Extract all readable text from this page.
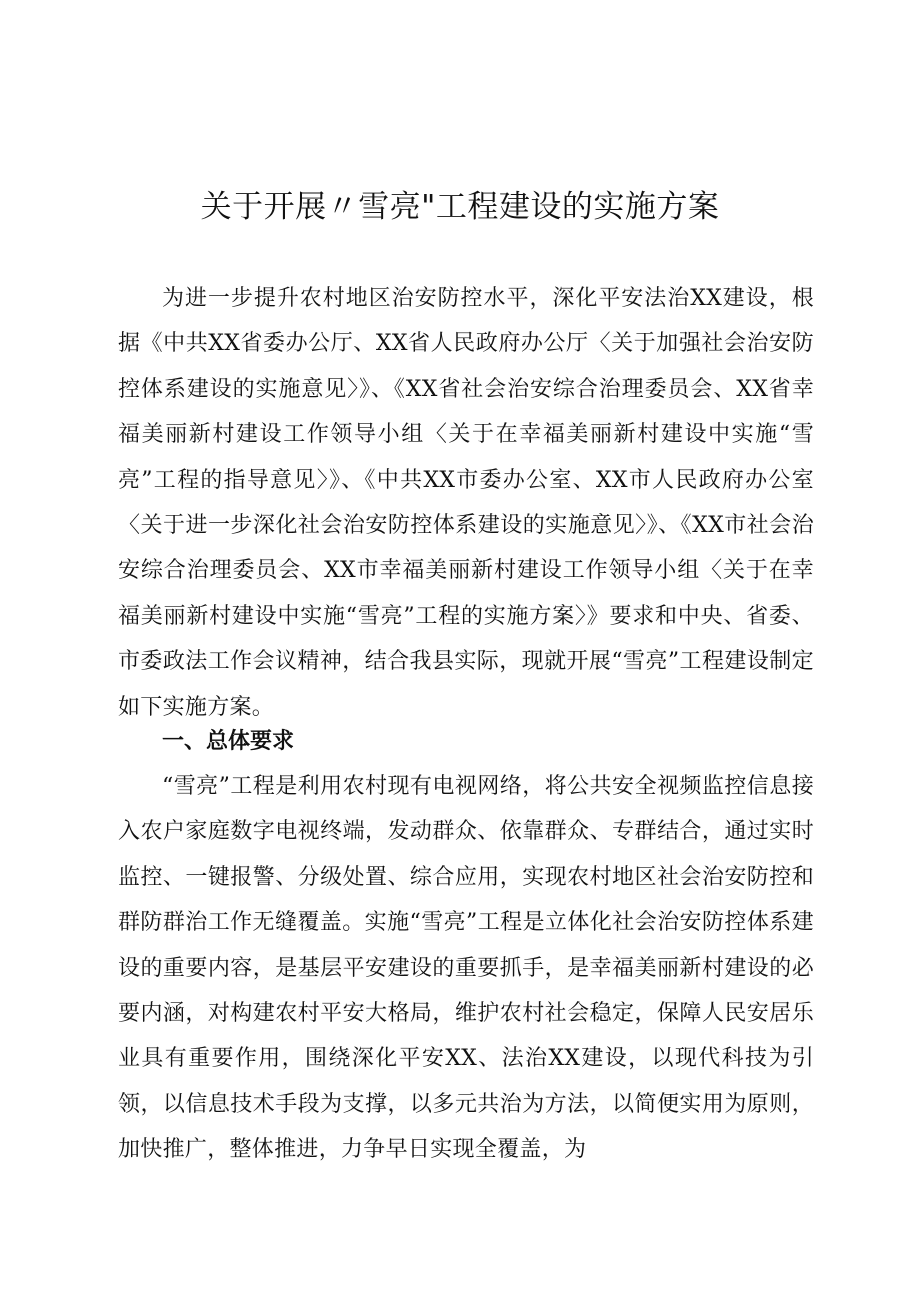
关于开展〃雪亮"工程建设的实施方案

为进一步提升农村地区治安防控水平，深化平安法治XX建设，根据《中共XX省委办公厅、XX省人民政府办公厅〈关于加强社会治安防控体系建设的实施意见〉》、《XX省社会治安综合治理委员会、XX省幸福美丽新村建设工作领导小组〈关于在幸福美丽新村建设中实施“雪亮”工程的指导意见〉》、《中共XX市委办公室、XX市人民政府办公室〈关于进一步深化社会治安防控体系建设的实施意见〉》、《XX市社会治安综合治理委员会、XX市幸福美丽新村建设工作领导小组〈关于在幸福美丽新村建设中实施“雪亮”工程的实施方案〉》要求和中央、省委、市委政法工作会议精神，结合我县实际，现就开展“雪亮”工程建设制定如下实施方案。

一、总体要求

“雪亮”工程是利用农村现有电视网络，将公共安全视频监控信息接入农户家庭数字电视终端，发动群众、依靠群众、专群结合，通过实时监控、一键报警、分级处置、综合应用，实现农村地区社会治安防控和群防群治工作无缝覆盖。实施“雪亮”工程是立体化社会治安防控体系建设的重要内容，是基层平安建设的重要抓手，是幸福美丽新村建设的必要内涵，对构建农村平安大格局，维护农村社会稳定，保障人民安居乐业具有重要作用，围绕深化平安XX、法治XX建设，以现代科技为引领，以信息技术手段为支撑，以多元共治为方法，以简便实用为原则，加快推广，整体推进，力争早日实现全覆盖，为
